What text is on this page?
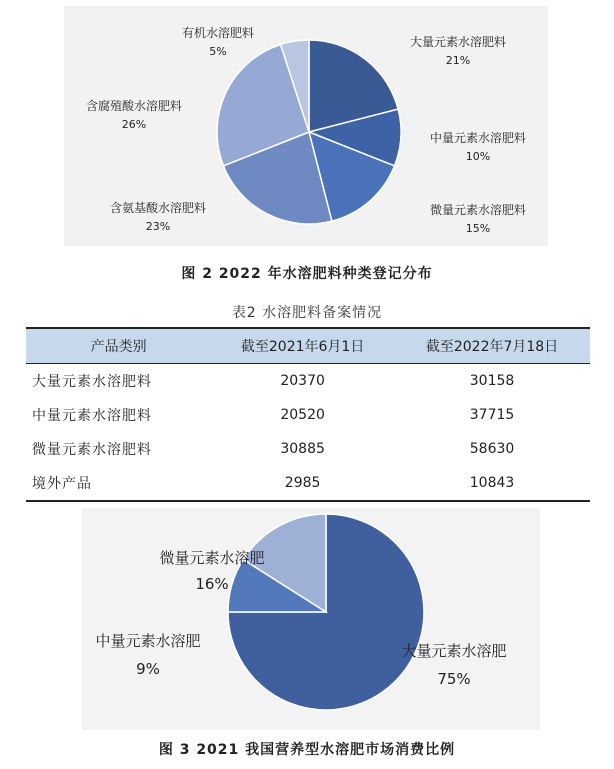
大量元素水溶肥料
21%
中量元素水溶肥料
10%
微量元素水溶肥料
15%
含氨基酸水溶肥料
23%
含腐殖酸水溶肥料
26%
有机水溶肥料
5%
大量元素水溶肥
75%
中量元素水溶肥
9%
微量元素水溶肥
16%
图 2 2022 年水溶肥料种类登记分布
表2 水溶肥料备案情况
产品类别	截至2021年6月1日	截至2022年7月18日
大量元素水溶肥料	20370	30158
中量元素水溶肥料	20520	37715
微量元素水溶肥料	30885	58630
境外产品	2985	10843
图 3 2021 我国营养型水溶肥市场消费比例
